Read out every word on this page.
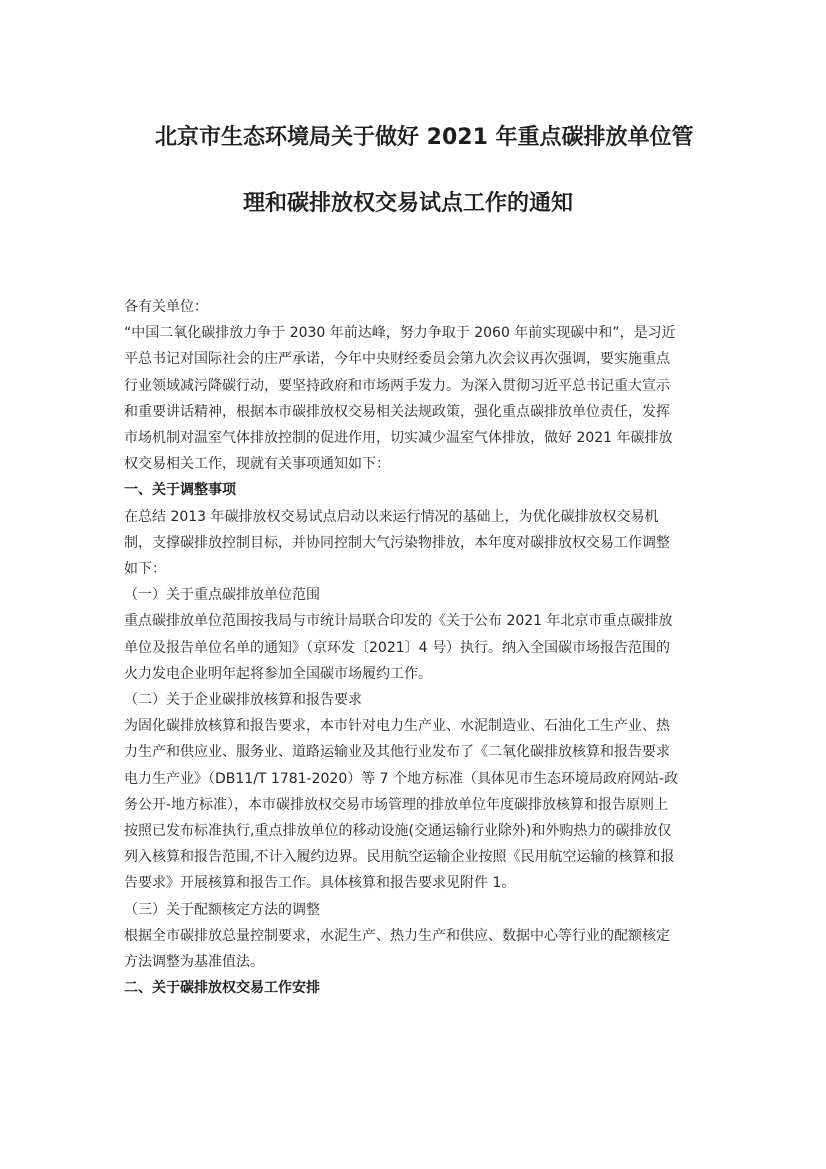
北京市生态环境局关于做好 2021 年重点碳排放单位管
理和碳排放权交易试点工作的通知

各有关单位：

“中国二氧化碳排放力争于 2030 年前达峰，努力争取于 2060 年前实现碳中和”，是习近

平总书记对国际社会的庄严承诺，今年中央财经委员会第九次会议再次强调，要实施重点

行业领域减污降碳行动，要坚持政府和市场两手发力。为深入贯彻习近平总书记重大宣示

和重要讲话精神，根据本市碳排放权交易相关法规政策，强化重点碳排放单位责任，发挥

市场机制对温室气体排放控制的促进作用，切实减少温室气体排放，做好 2021 年碳排放

权交易相关工作，现就有关事项通知如下：

一、关于调整事项

在总结 2013 年碳排放权交易试点启动以来运行情况的基础上，为优化碳排放权交易机

制，支撑碳排放控制目标，并协同控制大气污染物排放，本年度对碳排放权交易工作调整

如下：

（一）关于重点碳排放单位范围

重点碳排放单位范围按我局与市统计局联合印发的《关于公布 2021 年北京市重点碳排放

单位及报告单位名单的通知》（京环发〔2021〕4 号）执行。纳入全国碳市场报告范围的

火力发电企业明年起将参加全国碳市场履约工作。

（二）关于企业碳排放核算和报告要求

为固化碳排放核算和报告要求，本市针对电力生产业、水泥制造业、石油化工生产业、热

力生产和供应业、服务业、道路运输业及其他行业发布了《二氧化碳排放核算和报告要求

电力生产业》（DB11/T 1781-2020）等 7 个地方标准（具体见市生态环境局政府网站-政

务公开-地方标准），本市碳排放权交易市场管理的排放单位年度碳排放核算和报告原则上

按照已发布标准执行,重点排放单位的移动设施(交通运输行业除外)和外购热力的碳排放仅

列入核算和报告范围,不计入履约边界。民用航空运输企业按照《民用航空运输的核算和报

告要求》开展核算和报告工作。具体核算和报告要求见附件 1。

（三）关于配额核定方法的调整

根据全市碳排放总量控制要求，水泥生产、热力生产和供应、数据中心等行业的配额核定

方法调整为基准值法。

二、关于碳排放权交易工作安排
